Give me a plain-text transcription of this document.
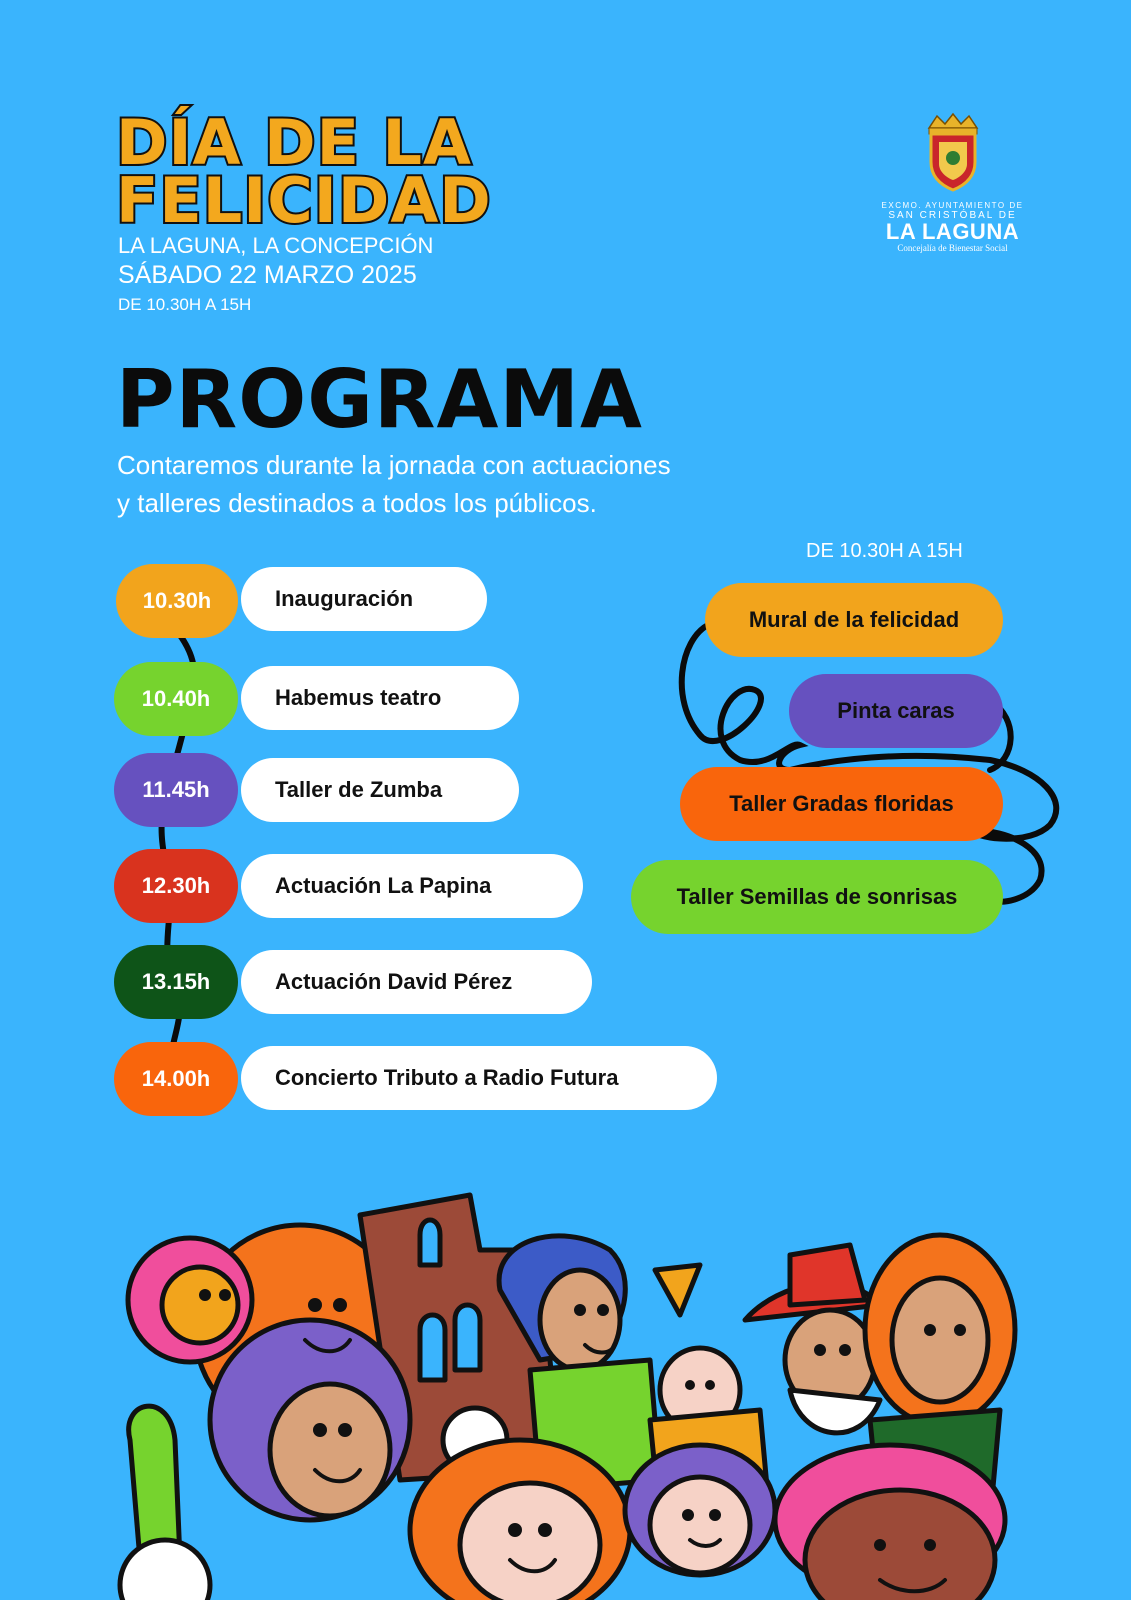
DÍA DE LA
FELICIDAD
LA LAGUNA, LA CONCEPCIÓN
SÁBADO 22 MARZO 2025
DE 10.30H A 15H
EXCMO. AYUNTAMIENTO DE
SAN CRISTÓBAL DE
LA LAGUNA
Concejalía de Bienestar Social
PROGRAMA
Contaremos durante la jornada con actuaciones
y talleres destinados a todos los públicos.
10.30h	Inauguración
10.40h	Habemus teatro
11.45h	Taller de Zumba
12.30h	Actuación La Papina
13.15h	Actuación David Pérez
14.00h	Concierto Tributo a Radio Futura
DE 10.30H A 15H
Mural de la felicidad
Pinta caras
Taller Gradas floridas
Taller Semillas de sonrisas
